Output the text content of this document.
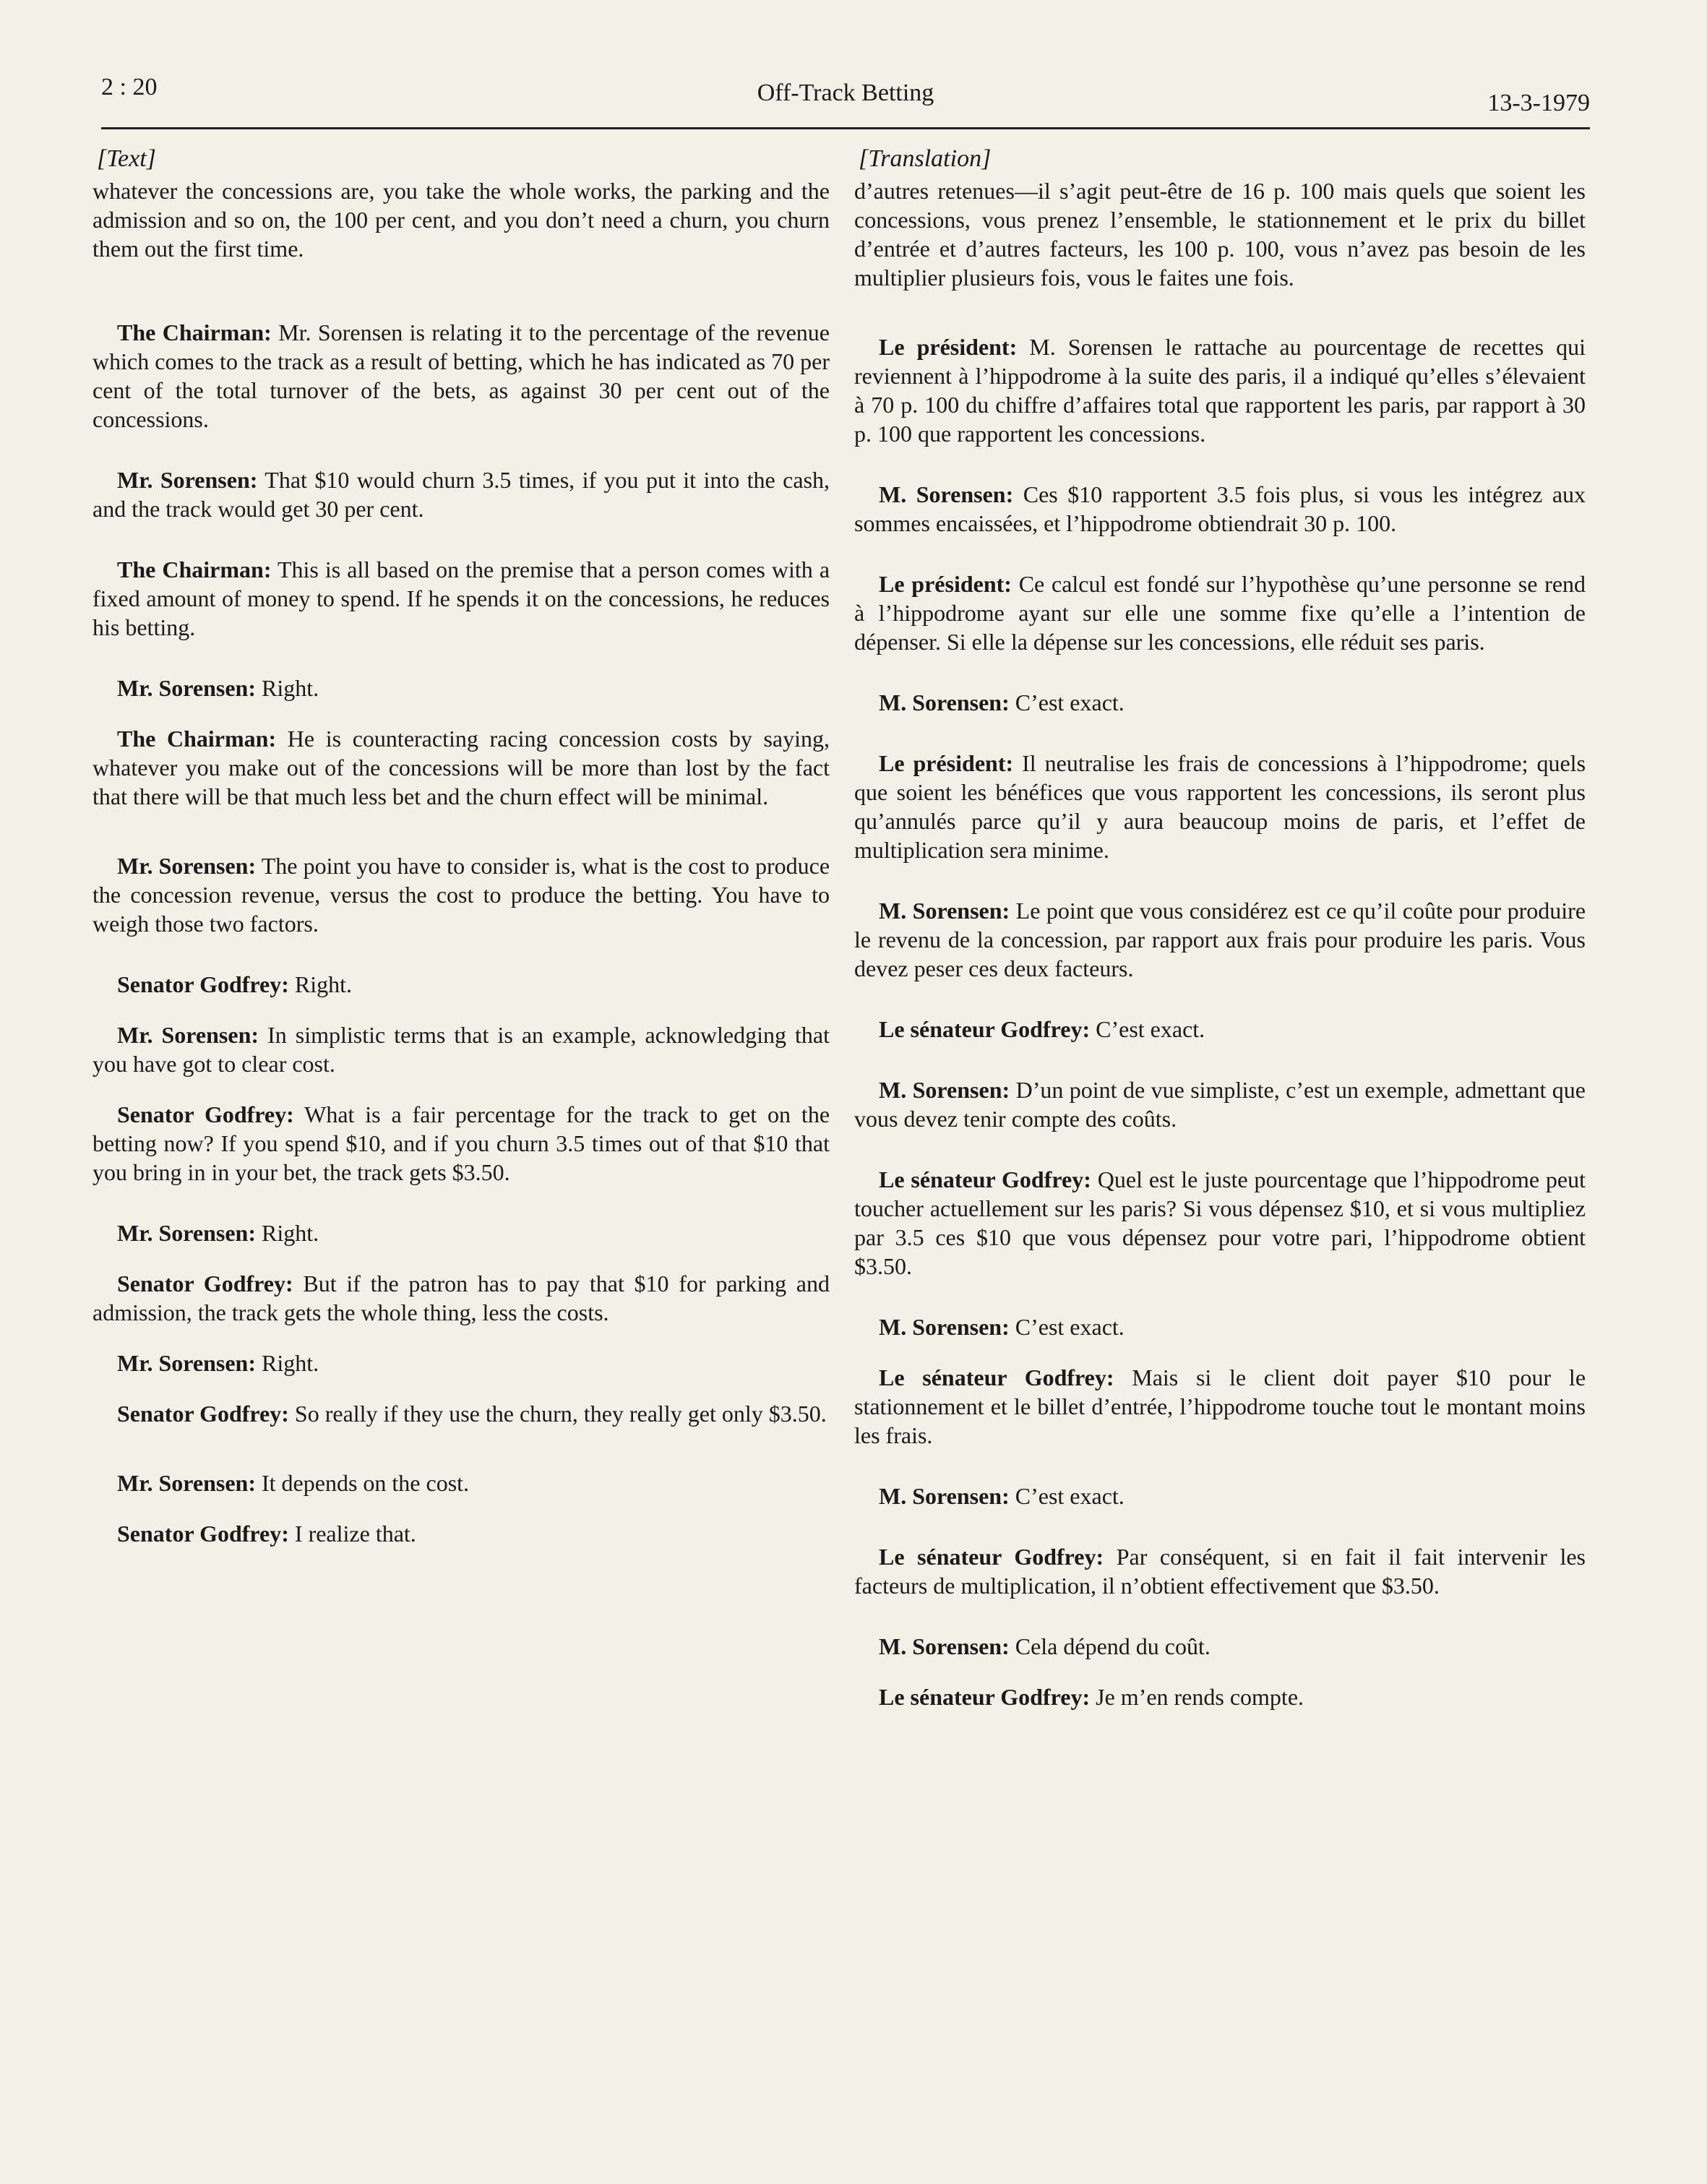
2 : 20	Off-Track Betting	13-3-1979
[Text]

whatever the concessions are, you take the whole works, the parking and the admission and so on, the 100 per cent, and you don’t need a churn, you churn them out the first time.

The Chairman: Mr. Sorensen is relating it to the percentage of the revenue which comes to the track as a result of betting, which he has indicated as 70 per cent of the total turnover of the bets, as against 30 per cent out of the concessions.

Mr. Sorensen: That $10 would churn 3.5 times, if you put it into the cash, and the track would get 30 per cent.

The Chairman: This is all based on the premise that a person comes with a fixed amount of money to spend. If he spends it on the concessions, he reduces his betting.

Mr. Sorensen: Right.

The Chairman: He is counteracting racing concession costs by saying, whatever you make out of the concessions will be more than lost by the fact that there will be that much less bet and the churn effect will be minimal.

Mr. Sorensen: The point you have to consider is, what is the cost to produce the concession revenue, versus the cost to produce the betting. You have to weigh those two factors.

Senator Godfrey: Right.

Mr. Sorensen: In simplistic terms that is an example, acknowledging that you have got to clear cost.

Senator Godfrey: What is a fair percentage for the track to get on the betting now? If you spend $10, and if you churn 3.5 times out of that $10 that you bring in in your bet, the track gets $3.50.

Mr. Sorensen: Right.

Senator Godfrey: But if the patron has to pay that $10 for parking and admission, the track gets the whole thing, less the costs.

Mr. Sorensen: Right.

Senator Godfrey: So really if they use the churn, they really get only $3.50.

Mr. Sorensen: It depends on the cost.

Senator Godfrey: I realize that.

[Translation]

d’autres retenues—il s’agit peut-être de 16 p. 100 mais quels que soient les concessions, vous prenez l’ensemble, le stationnement et le prix du billet d’entrée et d’autres facteurs, les 100 p. 100, vous n’avez pas besoin de les multiplier plusieurs fois, vous le faites une fois.

Le président: M. Sorensen le rattache au pourcentage de recettes qui reviennent à l’hippodrome à la suite des paris, il a indiqué qu’elles s’élevaient à 70 p. 100 du chiffre d’affaires total que rapportent les paris, par rapport à 30 p. 100 que rapportent les concessions.

M. Sorensen: Ces $10 rapportent 3.5 fois plus, si vous les intégrez aux sommes encaissées, et l’hippodrome obtiendrait 30 p. 100.

Le président: Ce calcul est fondé sur l’hypothèse qu’une personne se rend à l’hippodrome ayant sur elle une somme fixe qu’elle a l’intention de dépenser. Si elle la dépense sur les concessions, elle réduit ses paris.

M. Sorensen: C’est exact.

Le président: Il neutralise les frais de concessions à l’hippodrome; quels que soient les bénéfices que vous rapportent les concessions, ils seront plus qu’annulés parce qu’il y aura beaucoup moins de paris, et l’effet de multiplication sera minime.

M. Sorensen: Le point que vous considérez est ce qu’il coûte pour produire le revenu de la concession, par rapport aux frais pour produire les paris. Vous devez peser ces deux facteurs.

Le sénateur Godfrey: C’est exact.

M. Sorensen: D’un point de vue simpliste, c’est un exemple, admettant que vous devez tenir compte des coûts.

Le sénateur Godfrey: Quel est le juste pourcentage que l’hippodrome peut toucher actuellement sur les paris? Si vous dépensez $10, et si vous multipliez par 3.5 ces $10 que vous dépensez pour votre pari, l’hippodrome obtient $3.50.

M. Sorensen: C’est exact.

Le sénateur Godfrey: Mais si le client doit payer $10 pour le stationnement et le billet d’entrée, l’hippodrome touche tout le montant moins les frais.

M. Sorensen: C’est exact.

Le sénateur Godfrey: Par conséquent, si en fait il fait intervenir les facteurs de multiplication, il n’obtient effectivement que $3.50.

M. Sorensen: Cela dépend du coût.

Le sénateur Godfrey: Je m’en rends compte.
